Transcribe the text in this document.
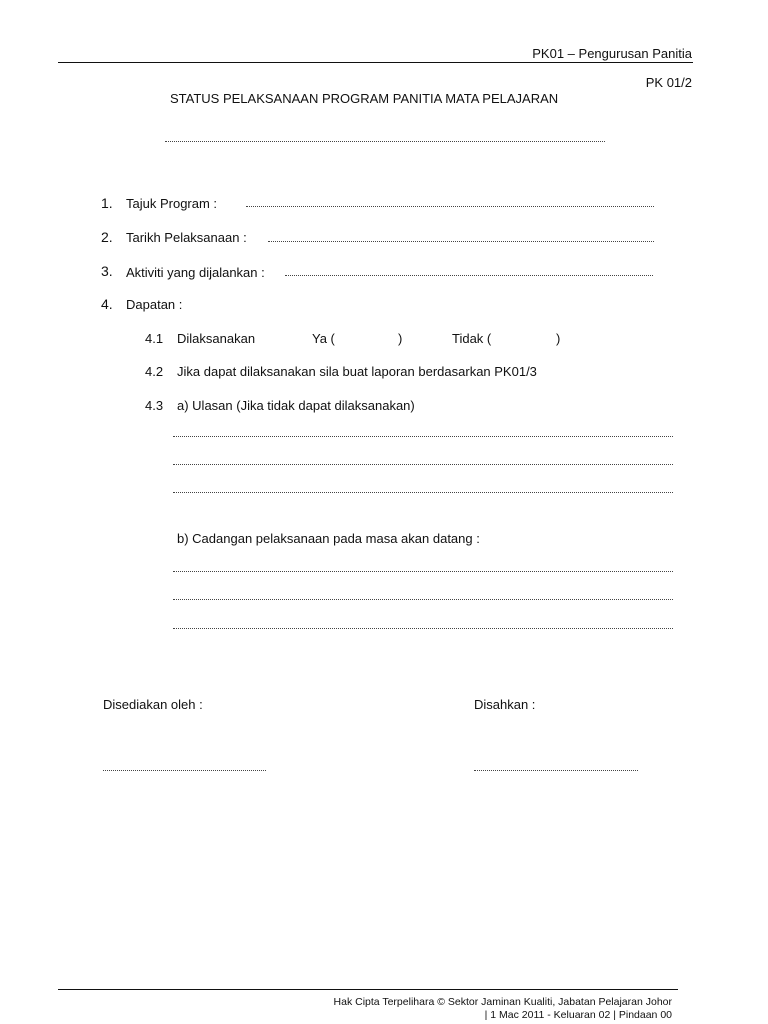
PK01 – Pengurusan Panitia
PK 01/2
STATUS PELAKSANAAN PROGRAM PANITIA MATA PELAJARAN
1. Tajuk Program :
2. Tarikh Pelaksanaan :
3. Aktiviti yang dijalankan :
4. Dapatan :
4.1 Dilaksanakan	Ya (	)	Tidak (	)
4.2 Jika dapat dilaksanakan sila buat laporan berdasarkan PK01/3
4.3 a) Ulasan (Jika tidak dapat dilaksanakan)
b) Cadangan pelaksanaan pada masa akan datang :
Disediakan oleh :	Disahkan :
Hak Cipta Terpelihara © Sektor Jaminan Kualiti, Jabatan Pelajaran Johor
| 1 Mac 2011 - Keluaran 02 | Pindaan 00
